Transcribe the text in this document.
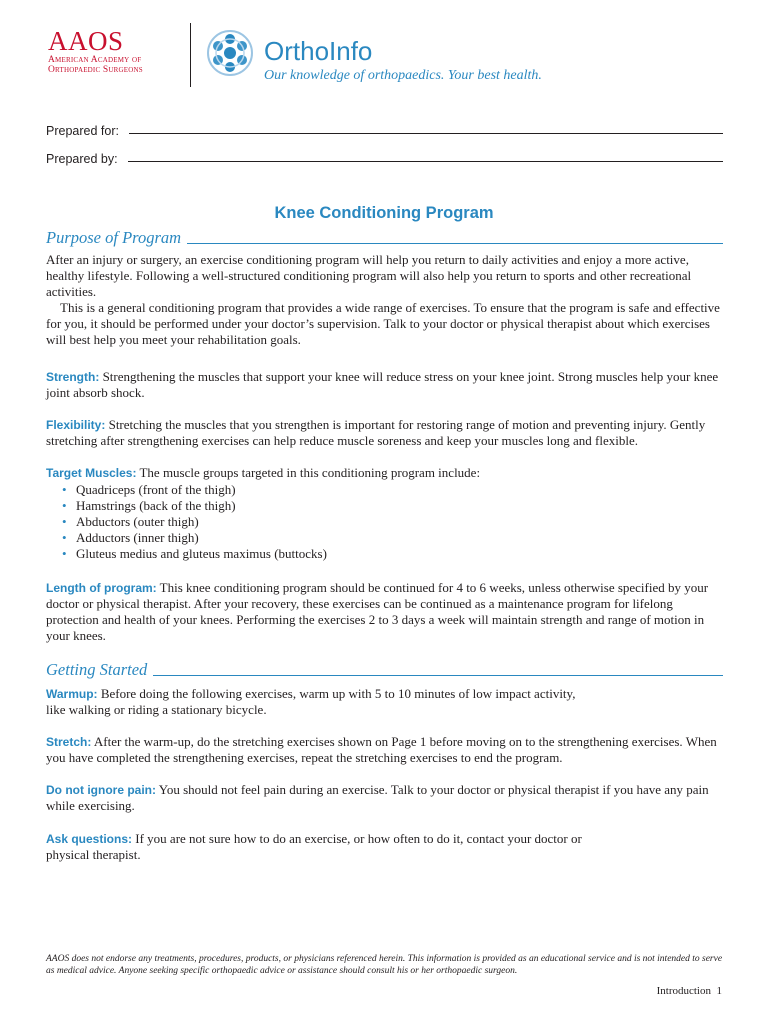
AAOS
American Academy of
Orthopaedic Surgeons
OrthoInfo
Our knowledge of orthopaedics. Your best health.
Prepared for:
Prepared by:
Knee Conditioning Program
Purpose of Program
After an injury or surgery, an exercise conditioning program will help you return to daily activities and enjoy a more active, healthy lifestyle. Following a well-structured conditioning program will also help you return to sports and other recreational activities.
This is a general conditioning program that provides a wide range of exercises. To ensure that the program is safe and effective for you, it should be performed under your doctor’s supervision. Talk to your doctor or physical therapist about which exercises will best help you meet your rehabilitation goals.
Strength: Strengthening the muscles that support your knee will reduce stress on your knee joint. Strong muscles help your knee joint absorb shock.
Flexibility: Stretching the muscles that you strengthen is important for restoring range of motion and preventing injury. Gently stretching after strengthening exercises can help reduce muscle soreness and keep your muscles long and flexible.
Target Muscles: The muscle groups targeted in this conditioning program include:
• Quadriceps (front of the thigh)
• Hamstrings (back of the thigh)
• Abductors (outer thigh)
• Adductors (inner thigh)
• Gluteus medius and gluteus maximus (buttocks)
Length of program: This knee conditioning program should be continued for 4 to 6 weeks, unless otherwise specified by your doctor or physical therapist. After your recovery, these exercises can be continued as a maintenance program for lifelong protection and health of your knees. Performing the exercises 2 to 3 days a week will maintain strength and range of motion in your knees.
Getting Started
Warmup: Before doing the following exercises, warm up with 5 to 10 minutes of low impact activity,
like walking or riding a stationary bicycle.
Stretch: After the warm-up, do the stretching exercises shown on Page 1 before moving on to the strengthening exercises. When you have completed the strengthening exercises, repeat the stretching exercises to end the program.
Do not ignore pain: You should not feel pain during an exercise. Talk to your doctor or physical therapist if you have any pain while exercising.
Ask questions: If you are not sure how to do an exercise, or how often to do it, contact your doctor or
physical therapist.
AAOS does not endorse any treatments, procedures, products, or physicians referenced herein. This information is provided as an educational service and is not intended to serve as medical advice. Anyone seeking specific orthopaedic advice or assistance should consult his or her orthopaedic surgeon.
Introduction 1
